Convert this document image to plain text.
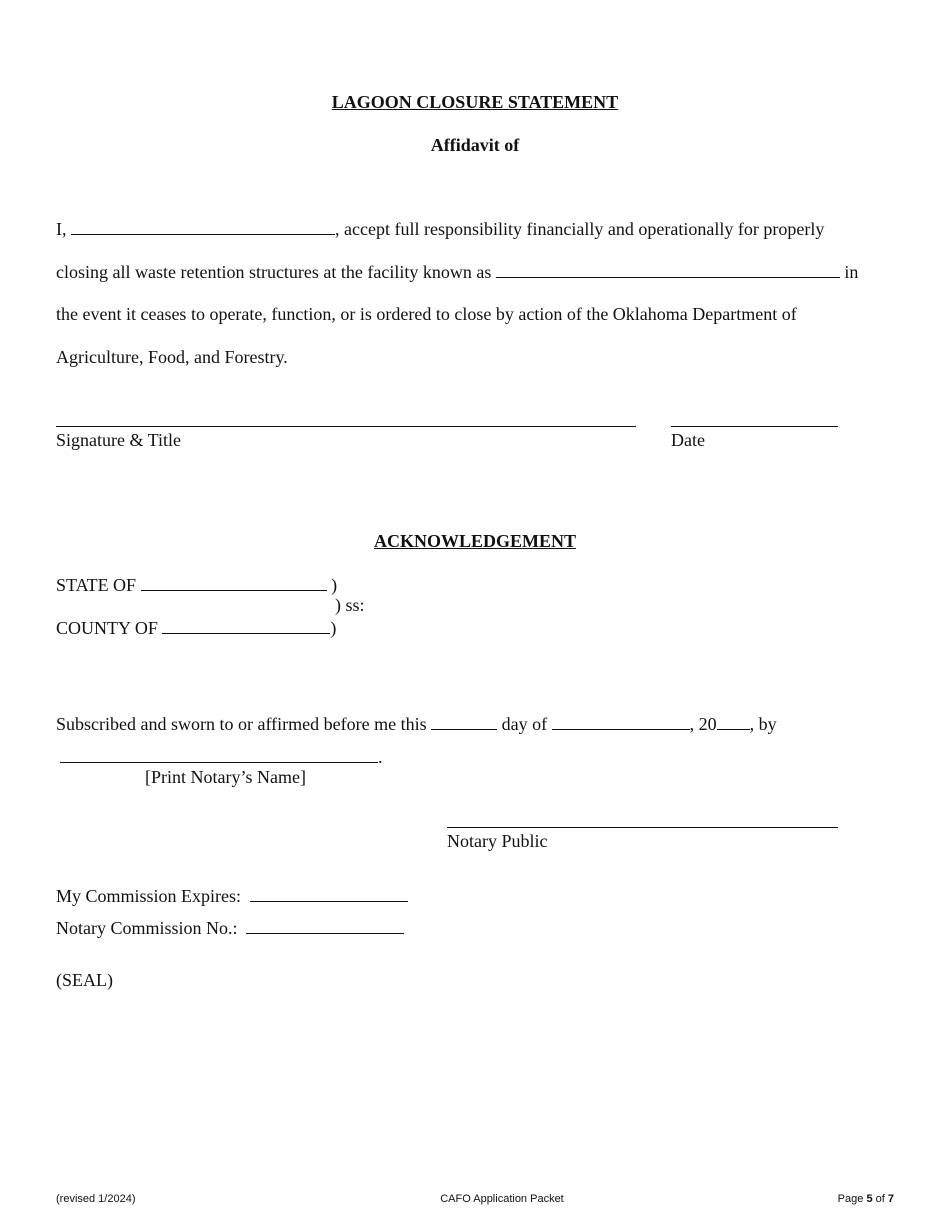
LAGOON CLOSURE STATEMENT
Affidavit of
I,	, accept full responsibility financially and operationally for properly
closing all waste retention structures at the facility known as	in
the event it ceases to operate, function, or is ordered to close by action of the Oklahoma Department of
Agriculture, Food, and Forestry.
Signature & Title	Date
ACKNOWLEDGEMENT
STATE OF	)
) ss:
COUNTY OF	)
Subscribed and sworn to or affirmed before me this	day of	, 20 , by
.
[Print Notary’s Name]
Notary Public
My Commission Expires:
Notary Commission No.:
(SEAL)
(revised 1/2024)	CAFO Application Packet	Page 5 of 7
